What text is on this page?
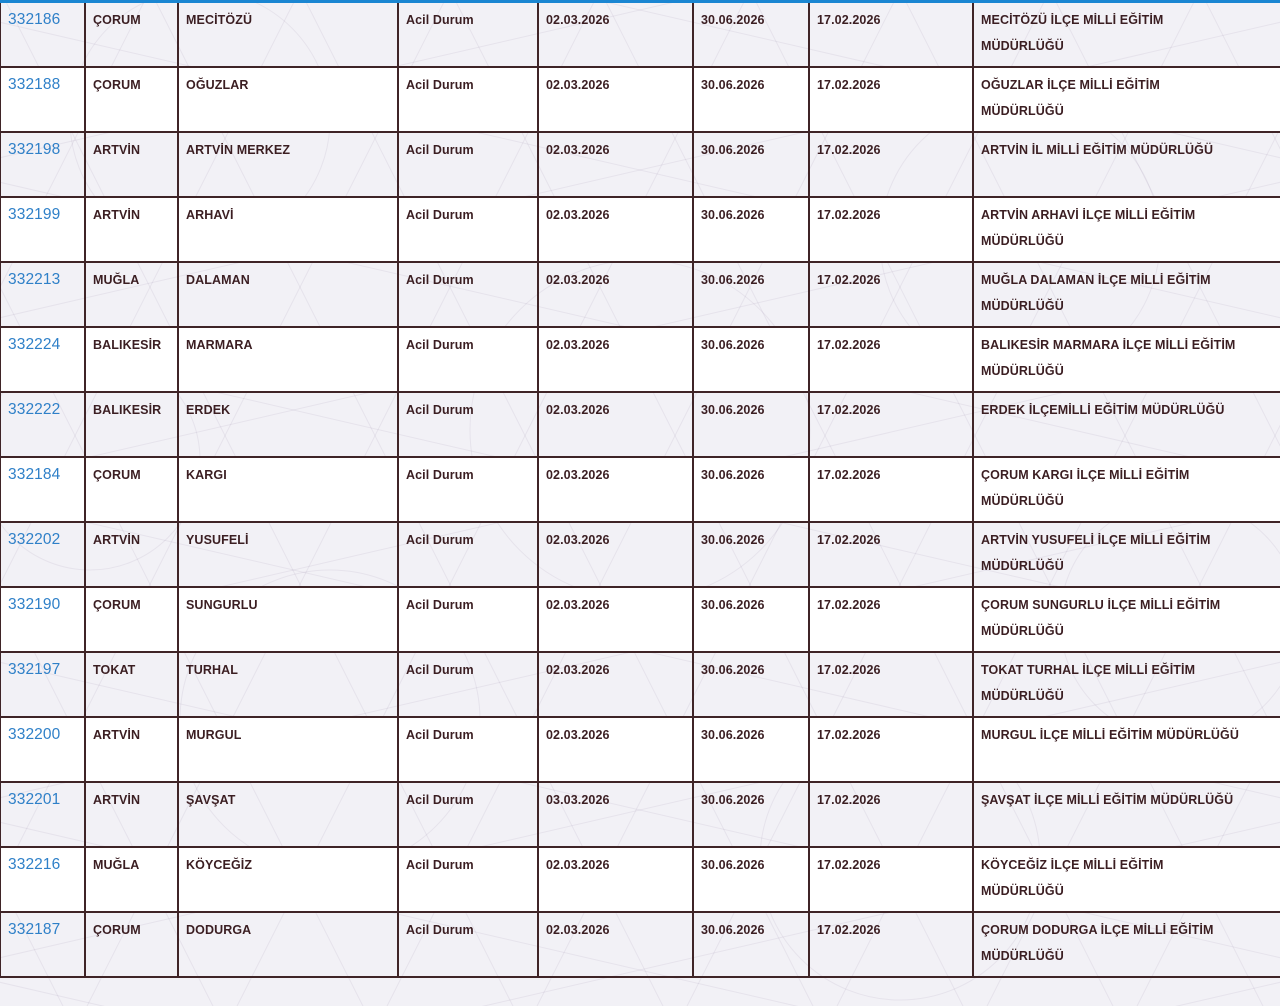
332186	ÇORUM	MECİTÖZÜ	Acil Durum	02.03.2026	30.06.2026	17.02.2026	MECİTÖZÜ İLÇE MİLLİ EĞİTİM MÜDÜRLÜĞÜ
332188	ÇORUM	OĞUZLAR	Acil Durum	02.03.2026	30.06.2026	17.02.2026	OĞUZLAR İLÇE MİLLİ EĞİTİM MÜDÜRLÜĞÜ
332198	ARTVİN	ARTVİN MERKEZ	Acil Durum	02.03.2026	30.06.2026	17.02.2026	ARTVİN İL MİLLİ EĞİTİM MÜDÜRLÜĞÜ
332199	ARTVİN	ARHAVİ	Acil Durum	02.03.2026	30.06.2026	17.02.2026	ARTVİN ARHAVİ İLÇE MİLLİ EĞİTİM MÜDÜRLÜĞÜ
332213	MUĞLA	DALAMAN	Acil Durum	02.03.2026	30.06.2026	17.02.2026	MUĞLA DALAMAN İLÇE MİLLİ EĞİTİM MÜDÜRLÜĞÜ
332224	BALIKESİR	MARMARA	Acil Durum	02.03.2026	30.06.2026	17.02.2026	BALIKESİR MARMARA İLÇE MİLLİ EĞİTİM MÜDÜRLÜĞÜ
332222	BALIKESİR	ERDEK	Acil Durum	02.03.2026	30.06.2026	17.02.2026	ERDEK İLÇEMİLLİ EĞİTİM MÜDÜRLÜĞÜ
332184	ÇORUM	KARGI	Acil Durum	02.03.2026	30.06.2026	17.02.2026	ÇORUM KARGI İLÇE MİLLİ EĞİTİM MÜDÜRLÜĞÜ
332202	ARTVİN	YUSUFELİ	Acil Durum	02.03.2026	30.06.2026	17.02.2026	ARTVİN YUSUFELİ İLÇE MİLLİ EĞİTİM MÜDÜRLÜĞÜ
332190	ÇORUM	SUNGURLU	Acil Durum	02.03.2026	30.06.2026	17.02.2026	ÇORUM SUNGURLU İLÇE MİLLİ EĞİTİM MÜDÜRLÜĞÜ
332197	TOKAT	TURHAL	Acil Durum	02.03.2026	30.06.2026	17.02.2026	TOKAT TURHAL İLÇE MİLLİ EĞİTİM MÜDÜRLÜĞÜ
332200	ARTVİN	MURGUL	Acil Durum	02.03.2026	30.06.2026	17.02.2026	MURGUL İLÇE MİLLİ EĞİTİM MÜDÜRLÜĞÜ
332201	ARTVİN	ŞAVŞAT	Acil Durum	03.03.2026	30.06.2026	17.02.2026	ŞAVŞAT İLÇE MİLLİ EĞİTİM MÜDÜRLÜĞÜ
332216	MUĞLA	KÖYCEĞİZ	Acil Durum	02.03.2026	30.06.2026	17.02.2026	KÖYCEĞİZ İLÇE MİLLİ EĞİTİM MÜDÜRLÜĞÜ
332187	ÇORUM	DODURGA	Acil Durum	02.03.2026	30.06.2026	17.02.2026	ÇORUM DODURGA İLÇE MİLLİ EĞİTİM MÜDÜRLÜĞÜ
